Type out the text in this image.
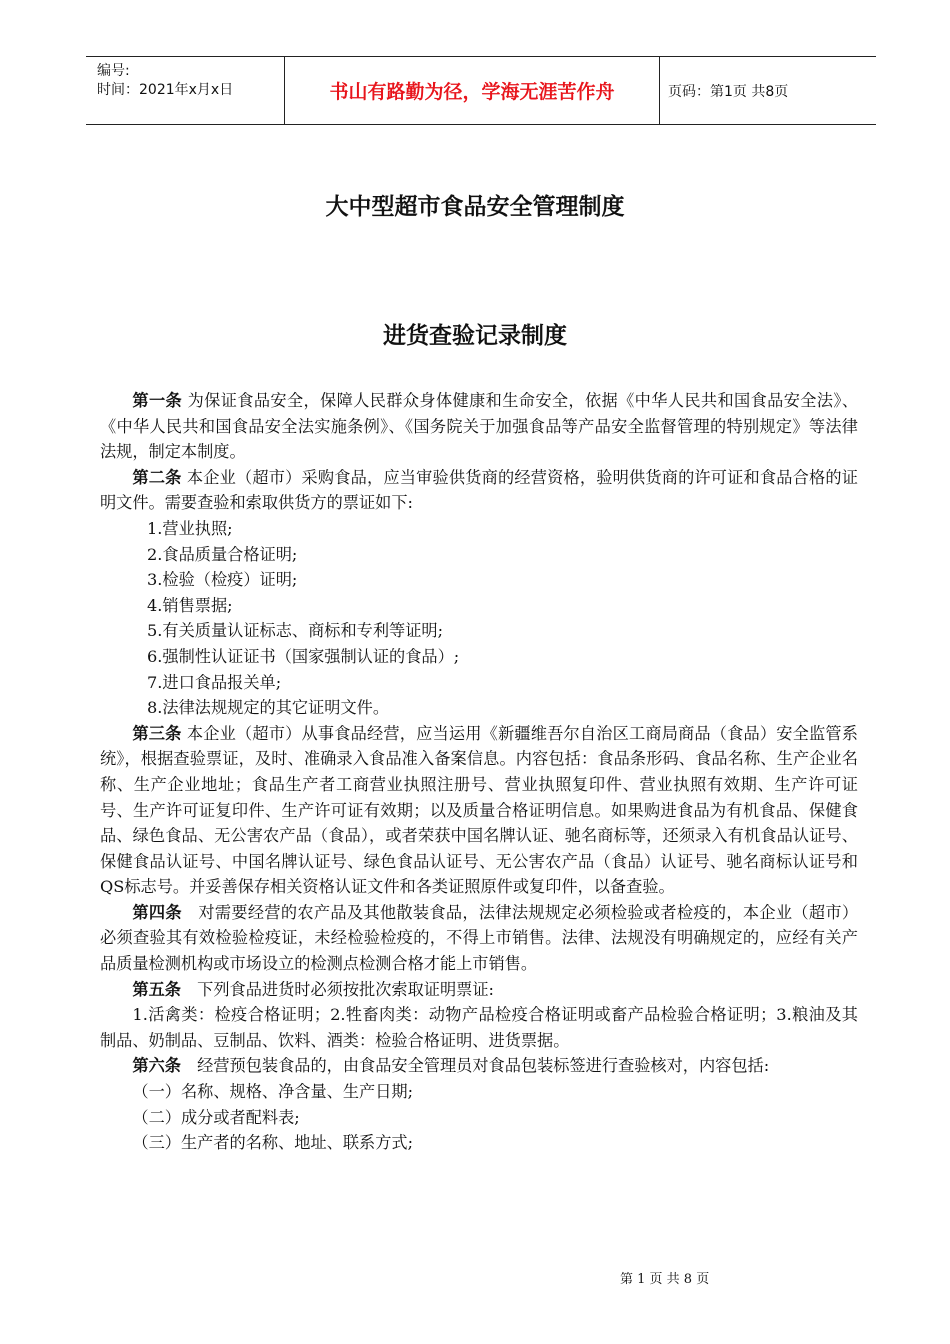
编号:
时间：2021年x月x日	书山有路勤为径，学海无涯苦作舟	页码：第1页 共8页
大中型超市食品安全管理制度
进货查验记录制度

第一条 为保证食品安全，保障人民群众身体健康和生命安全，依据《中华人民共和国食品安全法》、《中华人民共和国食品安全法实施条例》、《国务院关于加强食品等产品安全监督管理的特别规定》等法律法规，制定本制度。

第二条 本企业（超市）采购食品，应当审验供货商的经营资格，验明供货商的许可证和食品合格的证明文件。需要查验和索取供货方的票证如下:

1.营业执照;

2.食品质量合格证明;

3.检验（检疫）证明;

4.销售票据;

5.有关质量认证标志、商标和专利等证明;

6.强制性认证证书（国家强制认证的食品）;

7.进口食品报关单;

8.法律法规规定的其它证明文件。

第三条 本企业（超市）从事食品经营，应当运用《新疆维吾尔自治区工商局商品（食品）安全监管系统》，根据查验票证，及时、准确录入食品准入备案信息。内容包括：食品条形码、食品名称、生产企业名称、生产企业地址；食品生产者工商营业执照注册号、营业执照复印件、营业执照有效期、生产许可证号、生产许可证复印件、生产许可证有效期；以及质量合格证明信息。如果购进食品为有机食品、保健食品、绿色食品、无公害农产品（食品），或者荣获中国名牌认证、驰名商标等，还须录入有机食品认证号、保健食品认证号、中国名牌认证号、绿色食品认证号、无公害农产品（食品）认证号、驰名商标认证号和QS标志号。并妥善保存相关资格认证文件和各类证照原件或复印件，以备查验。

第四条　对需要经营的农产品及其他散装食品，法律法规规定必须检验或者检疫的，本企业（超市）必须查验其有效检验检疫证，未经检验检疫的，不得上市销售。法律、法规没有明确规定的，应经有关产品质量检测机构或市场设立的检测点检测合格才能上市销售。

第五条　下列食品进货时必须按批次索取证明票证:

1.活禽类：检疫合格证明；2.牲畜肉类：动物产品检疫合格证明或畜产品检验合格证明；3.粮油及其制品、奶制品、豆制品、饮料、酒类：检验合格证明、进货票据。

第六条　经营预包装食品的，由食品安全管理员对食品包装标签进行查验核对，内容包括:

（一）名称、规格、净含量、生产日期;

（二）成分或者配料表;

（三）生产者的名称、地址、联系方式;

第 1 页 共 8 页
